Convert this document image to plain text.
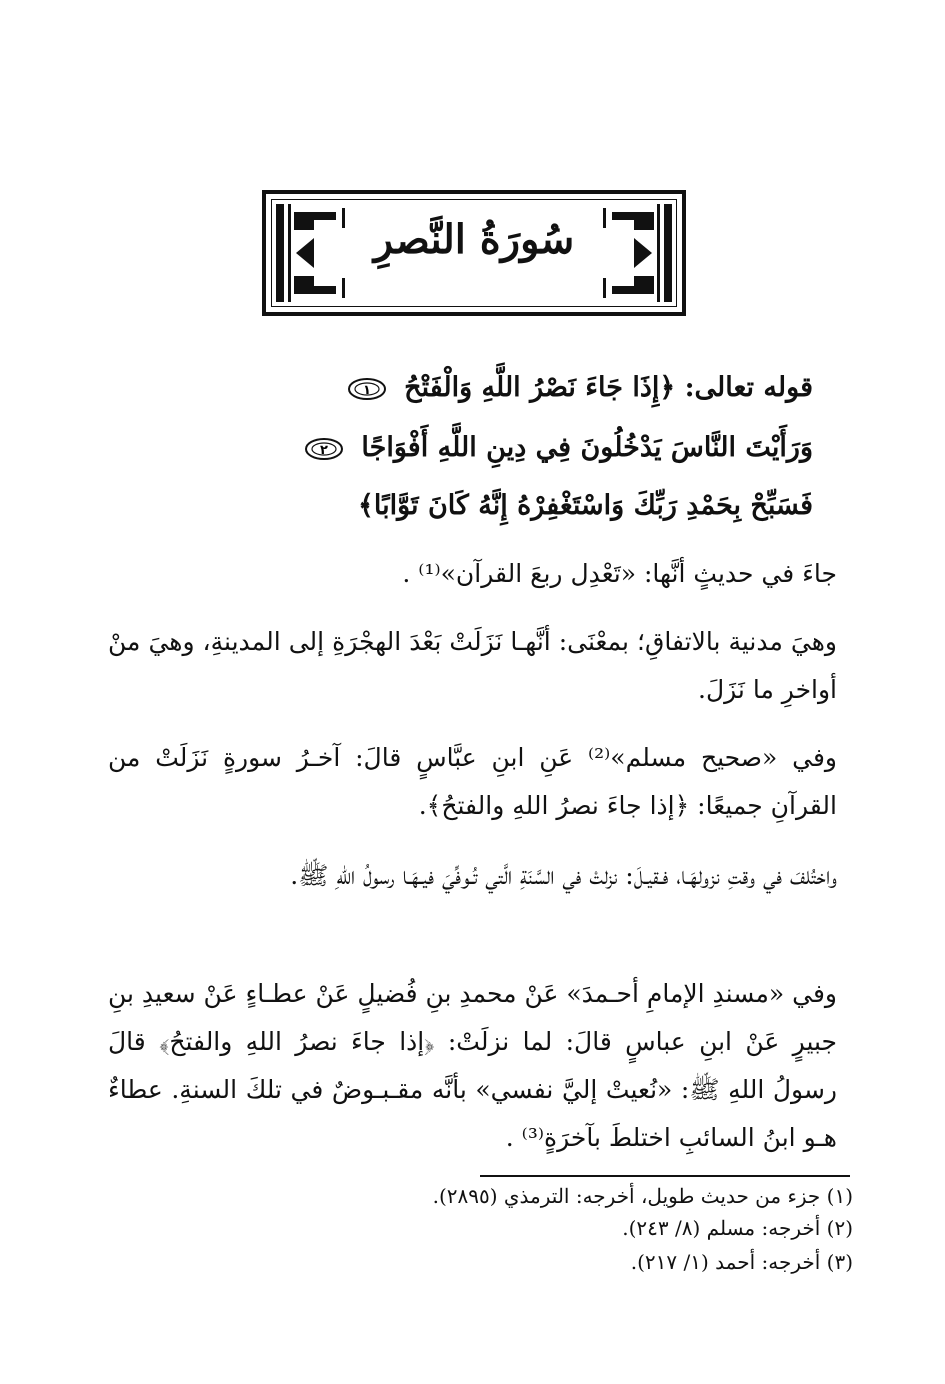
سُورَةُ النَّصرِ
قوله تعالى: ﴿إِذَا جَاءَ نَصْرُ اللَّهِ وَالْفَتْحُ
١
وَرَأَيْتَ النَّاسَ يَدْخُلُونَ فِي دِينِ اللَّهِ أَفْوَاجًا
٢
فَسَبِّحْ بِحَمْدِ رَبِّكَ وَاسْتَغْفِرْهُ إِنَّهُ كَانَ تَوَّابًا﴾
جاءَ في حديثٍ أنَّها: «تَعْدِل ربعَ القرآن»⁽¹⁾ .
وهيَ مدنية بالاتفاقِ؛ بمعْنَى: أنَّهـا نَزَلَتْ بَعْدَ الهجْرَةِ إلى المدينةِ، وهيَ منْ أواخرِ ما نَزَلَ.
وفي «صحيح مسلم»⁽²⁾ عَنِ ابنِ عبَّاسٍ قالَ: آخـرُ سورةٍ نَزَلَتْ من القرآنِ جميعًا: ﴿إذا جاءَ نصرُ اللهِ والفتحُ﴾.
واختُلفَ في وقتِ نزولهَـا، فـقيـلَ: نزلتْ في السَّنَةِ الَّتي تُـوفِّيَ فيـهَـا رسولُ اللهِ ﷺ.
وفي «مسندِ الإمامِ أحـمدَ» عَنْ محمدِ بنِ فُضيلٍ عَنْ عطـاءٍ عَنْ سعيدِ بنِ جبيرٍ عَنْ ابنِ عباسٍ قالَ: لما نزلَتْ: ﴿إذا جاءَ نصرُ اللهِ والفتحُ﴾ قالَ رسولُ اللهِ ﷺ: «نُعيتْ إليَّ نفسي» بأنَّه مقـبـوضٌ في تلكَ السنةِ. عطاءٌ هـو ابنُ السائبِ اختلطَ بآخرَةٍ⁽³⁾ .
(١) جزء من حديث طويل، أخرجه: الترمذي (٢٨٩٥).
(٢) أخرجه: مسلم (٨/ ٢٤٣).
(٣) أخرجه: أحمد (١/ ٢١٧).
